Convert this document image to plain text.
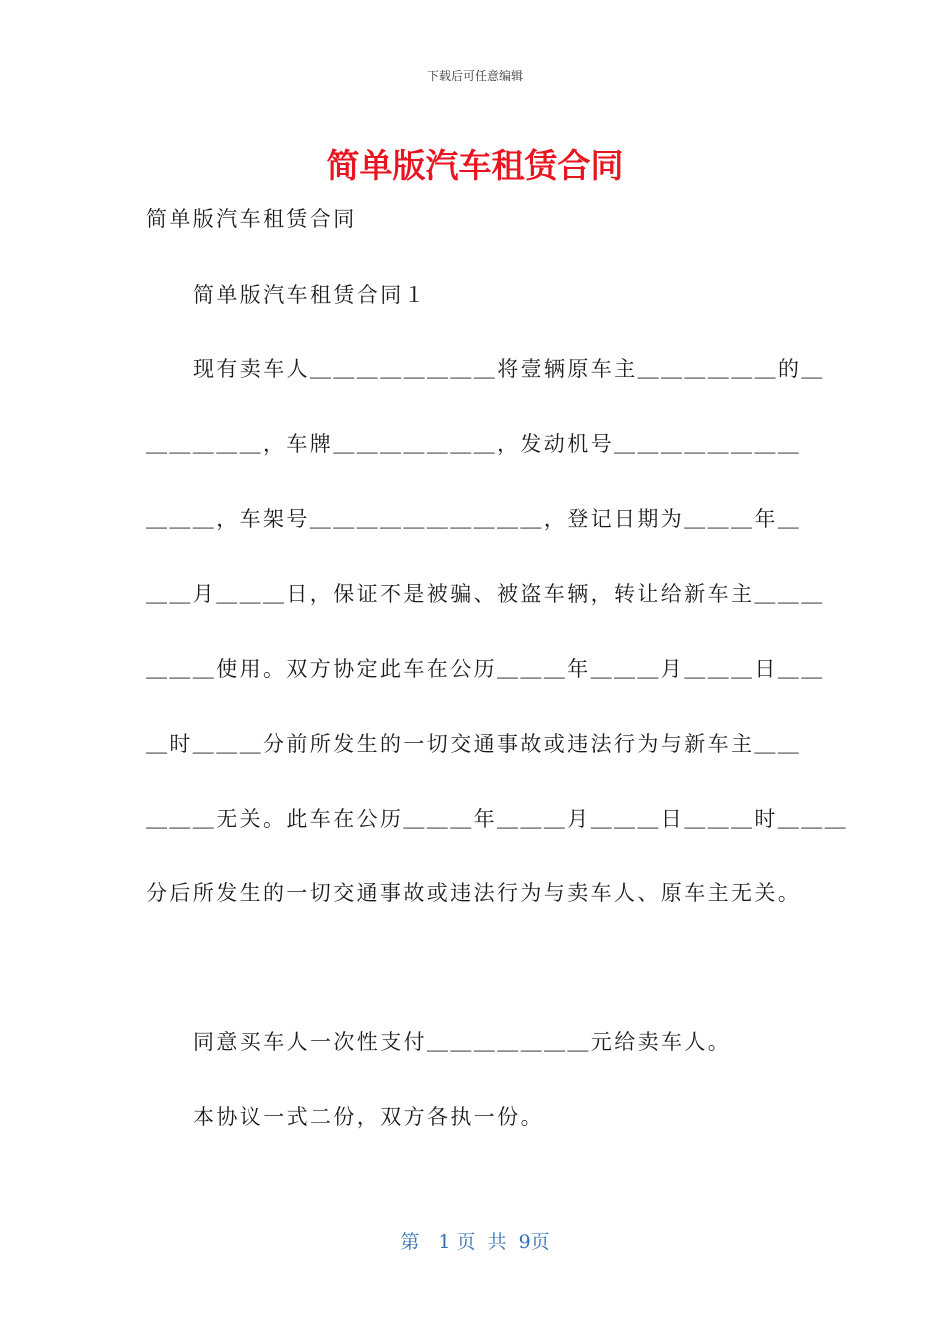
下载后可任意编辑
简单版汽车租赁合同
简单版汽车租赁合同
简单版汽车租赁合同１
现有卖车人＿＿＿＿＿＿＿＿将壹辆原车主＿＿＿＿＿＿的＿
＿＿＿＿＿，车牌＿＿＿＿＿＿＿，发动机号＿＿＿＿＿＿＿＿
＿＿＿，车架号＿＿＿＿＿＿＿＿＿＿，登记日期为＿＿＿年＿
＿＿月＿＿＿日，保证不是被骗、被盗车辆，转让给新车主＿＿＿
＿＿＿使用。双方协定此车在公历＿＿＿年＿＿＿月＿＿＿日＿＿
＿时＿＿＿分前所发生的一切交通事故或违法行为与新车主＿＿
＿＿＿无关。此车在公历＿＿＿年＿＿＿月＿＿＿日＿＿＿时＿＿＿
分后所发生的一切交通事故或违法行为与卖车人、原车主无关。
同意买车人一次性支付＿＿＿＿＿＿＿元给卖车人。
本协议一式二份，双方各执一份。
第　1 页  共  9页
